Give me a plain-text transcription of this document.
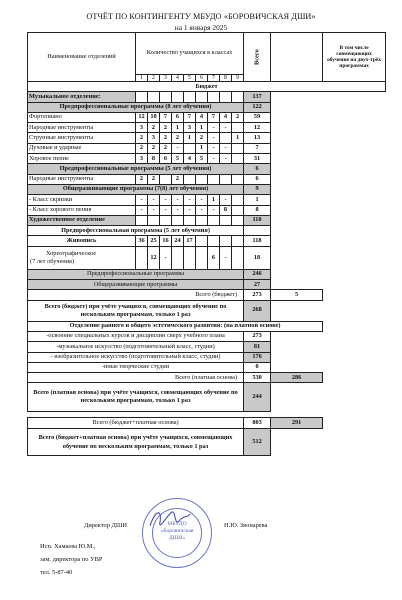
ОТЧЁТ ПО КОНТИНГЕНТУ МБУДО «БОРОВИЧСКАЯ ДШИ»
на 1 января 2025
Наименование отделений	Количество учащихся в классах									Всего		В том числе совмещающих обучение на двух-трёх программах
	1	2	3	4	5	6	7	8	9			
Бюджет												
Музыкальное отделение:										137		
Предпрофессиональные программы (8 лет обучения)										122		
Фортепиано	12	10	7	6	7	4	7	4	2	59		
Народные инструменты	3	2	2	1	3	1	-	-		12		
Струнные инструменты	2	3	2	2	1	2	-		1	13		
Духовые и ударные	2	2	2	-		1	-	-		7		
Хоровое пение	3	8	6	5	4	5	-	-		31		
Предпрофессиональные программы (5 лет обучения)										6		
Народные инструменты	2	2		2						6		
Общеразвивающие программы (7(8) лет обучения)										9		
- Класс скрипки	-	-	-	-	-	-	1	-		1		
- Класс хорового пения	-	-	-	-	-	-	-	8		8		
Художественное отделение										118		
Предпрофессиональная программа (5 лет обучения)												
Живопись	36	25	16	24	17					118		
Хореографическое
(7 лет обучения)		12	-				6	-		18		
Предпрофессиональные программы										246		
Общеразвивающие программы										27		
Всего (бюджет)										273	5	
Всего (бюджет) при учёте учащихся, совмещающих обучение по нескольким программам, только 1 раз										268		
Отделение раннего и общего эстетического развития: (на платной основе)												
-освоение специальных курсов и дисциплин сверх учебного плана										273		
-музыкальное искусство (подготовительный класс, студии)										81		
- изобразительное искусство (подготовительный класс, студии)										176		
-иные творческие студии										0		
Всего (платная основа)										530	286	
Всего (платная основа) при учёте учащихся, совмещающих обучение по нескольким программам, только 1 раз										244		

Всего (бюджет+платная основа)										803	291	
Всего (бюджет+платная основа) при учёте учащихся, совмещающих обучение по нескольким программам, только 1 раз										512		
Директор ДШИ	Н.Ю. Звонарева
Исп. Хамаева Ю.М.,
зам. директора по УВР
тел. 5-87-40
МБУДО
«Боровичская
ДШИ»
